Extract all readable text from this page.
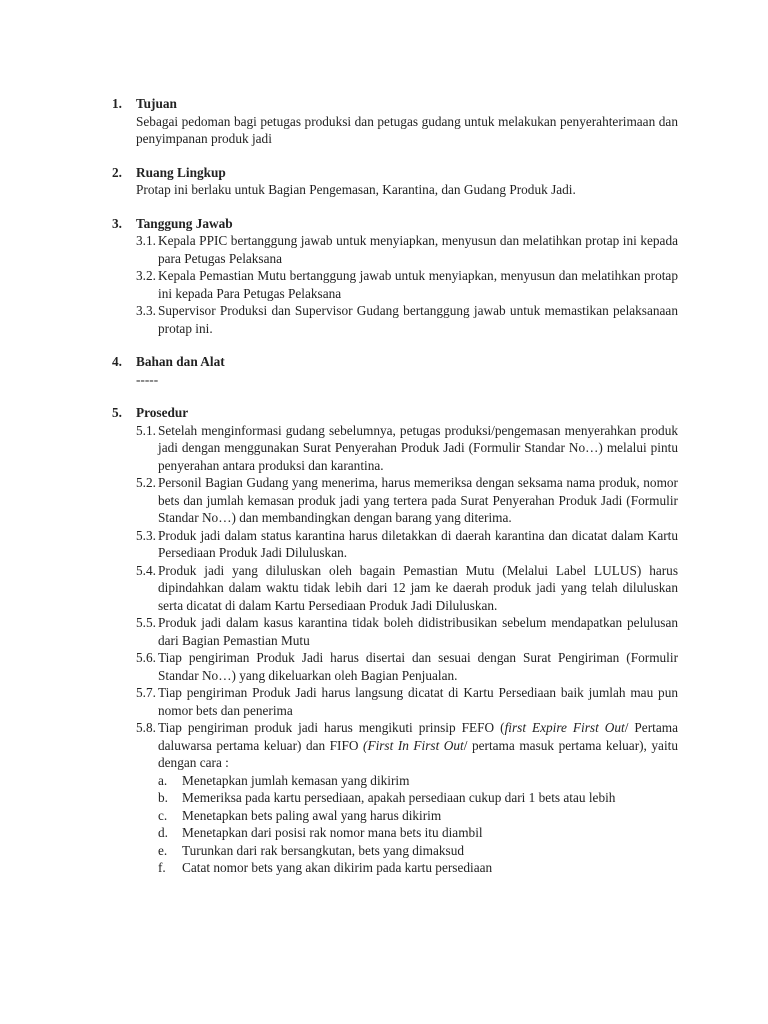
1.	Tujuan
Sebagai pedoman bagi petugas produksi dan petugas gudang untuk melakukan penyerahterimaan dan penyimpanan produk jadi
2.	Ruang Lingkup
Protap ini berlaku untuk Bagian Pengemasan, Karantina, dan Gudang Produk Jadi.
3.	Tanggung Jawab
3.1. Kepala PPIC bertanggung jawab untuk menyiapkan, menyusun dan melatihkan protap ini kepada para Petugas Pelaksana
3.2. Kepala Pemastian Mutu bertanggung jawab untuk menyiapkan, menyusun dan melatihkan protap ini kepada Para Petugas Pelaksana
3.3. Supervisor Produksi dan Supervisor Gudang bertanggung jawab untuk memastikan pelaksanaan protap ini.
4.	Bahan dan Alat
-----
5.	Prosedur
5.1. Setelah menginformasi gudang sebelumnya, petugas produksi/pengemasan menyerahkan produk jadi dengan menggunakan Surat Penyerahan Produk Jadi (Formulir Standar No…) melalui pintu penyerahan antara produksi dan karantina.
5.2. Personil Bagian Gudang yang menerima, harus memeriksa dengan seksama nama produk, nomor bets dan jumlah kemasan produk jadi yang tertera pada Surat Penyerahan Produk Jadi (Formulir Standar No…) dan membandingkan dengan barang yang diterima.
5.3. Produk jadi dalam status karantina harus diletakkan di daerah karantina dan dicatat dalam Kartu Persediaan Produk Jadi Diluluskan.
5.4. Produk jadi yang diluluskan oleh bagain Pemastian Mutu (Melalui Label LULUS) harus dipindahkan dalam waktu tidak lebih dari 12 jam ke daerah produk jadi yang telah diluluskan serta dicatat di dalam Kartu Persediaan Produk Jadi Diluluskan.
5.5. Produk jadi dalam kasus karantina tidak boleh didistribusikan sebelum mendapatkan pelulusan dari Bagian Pemastian Mutu
5.6. Tiap pengiriman Produk Jadi harus disertai dan sesuai dengan Surat Pengiriman (Formulir Standar No…) yang dikeluarkan oleh Bagian Penjualan.
5.7. Tiap pengiriman Produk Jadi harus langsung dicatat di Kartu Persediaan baik jumlah mau pun nomor bets dan penerima
5.8. Tiap pengiriman produk jadi harus mengikuti prinsip FEFO (first Expire First Out/ Pertama daluwarsa pertama keluar) dan FIFO (First In First Out/ pertama masuk pertama keluar), yaitu dengan cara :
a.	Menetapkan jumlah kemasan yang dikirim
b.	Memeriksa pada kartu persediaan, apakah persediaan cukup dari 1 bets atau lebih
c.	Menetapkan bets paling awal yang harus dikirim
d.	Menetapkan dari posisi rak nomor mana bets itu diambil
e.	Turunkan dari rak bersangkutan, bets yang dimaksud
f.	Catat nomor bets yang akan dikirim pada kartu persediaan
